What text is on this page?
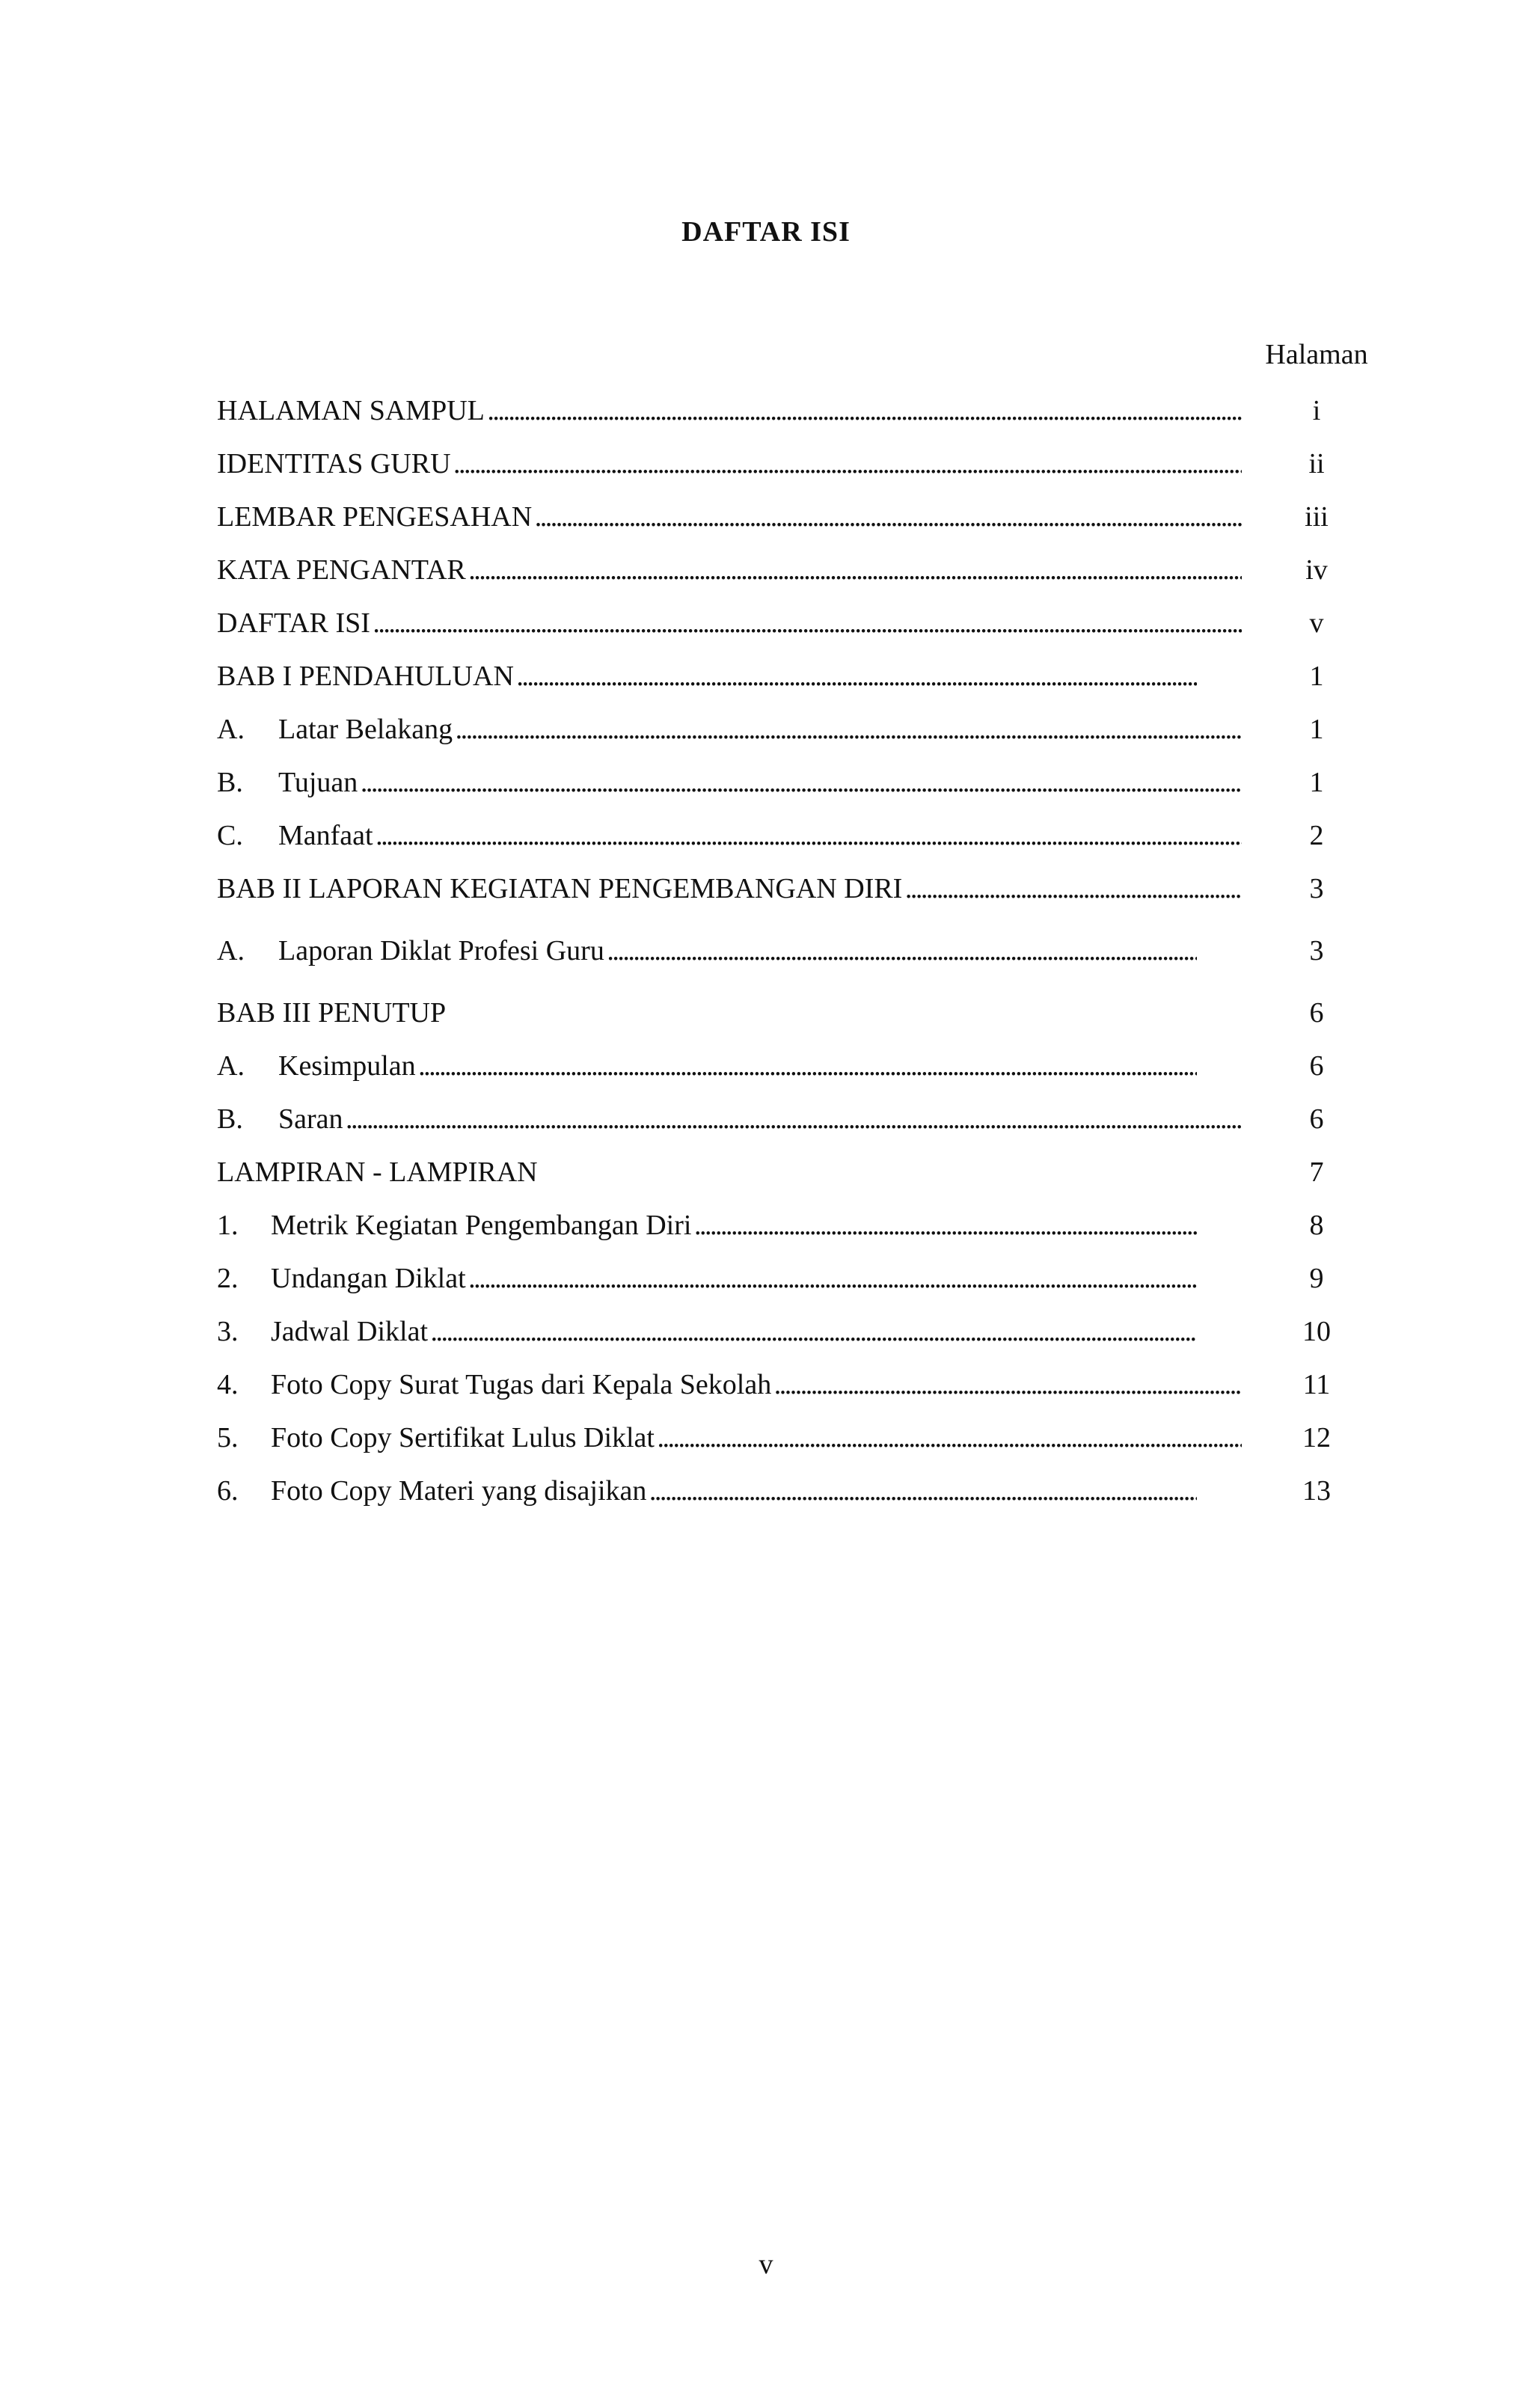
DAFTAR ISI
Halaman
HALAMAN SAMPUL . . .	i
IDENTITAS GURU . . .	ii
LEMBAR PENGESAHAN . . .	iii
KATA PENGANTAR . . .	iv
DAFTAR ISI . . .	v
BAB I PENDAHULUAN . . .	1
A. Latar Belakang . . .	1
B. Tujuan . . .	1
C. Manfaat . . .	2
BAB II LAPORAN KEGIATAN PENGEMBANGAN DIRI . . .	3
A. Laporan Diklat Profesi Guru . . .	3
BAB III PENUTUP	6
A. Kesimpulan . . .	6
B. Saran . . .	6
LAMPIRAN - LAMPIRAN	7
1. Metrik Kegiatan Pengembangan Diri . . .	8
2. Undangan Diklat . . .	9
3. Jadwal Diklat . . .	10
4. Foto Copy Surat Tugas dari Kepala Sekolah . . .	11
5. Foto Copy Sertifikat Lulus Diklat . . .	12
6. Foto Copy Materi yang disajikan . . .	13
v
